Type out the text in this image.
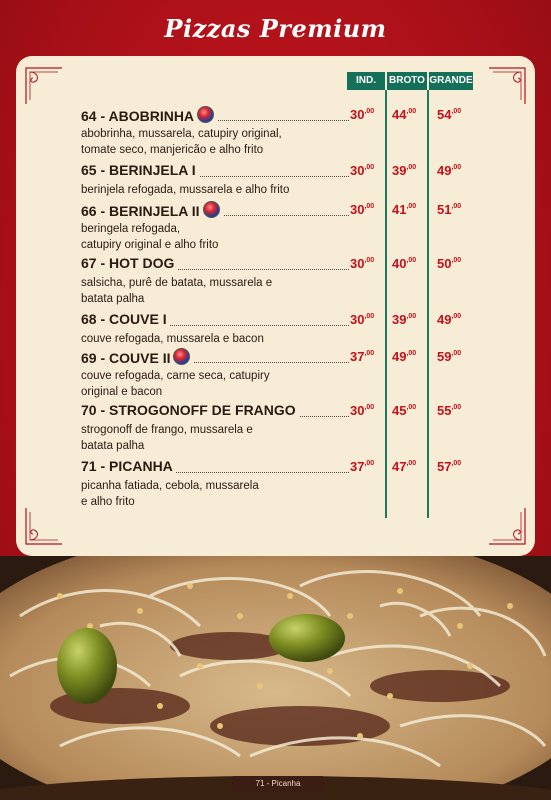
Pizzas Premium
IND.	BROTO GRANDE
64 - ABOBRINHA	$30^{,00}$ $44^{,00}$ $54^{,00}$
abobrinha, mussarela, catupiry original,
tomate seco, manjericão e alho frito
65 - BERINJELA I	$30^{,00}$ $39^{,00}$ $49^{,00}$
berinjela refogada, mussarela e alho frito
66 - BERINJELA II	$30^{,00}$ $41^{,00}$ $51^{,00}$
beringela refogada,
catupiry original e alho frito
67 - HOT DOG	$30^{,00}$ $40^{,00}$ $50^{,00}$
salsicha, purê de batata, mussarela e
batata palha
68 - COUVE I	$30^{,00}$ $39^{,00}$ $49^{,00}$
couve refogada, mussarela e bacon
69 - COUVE II	$37^{,00}$ $49^{,00}$ $59^{,00}$
couve refogada, carne seca, catupiry
original e bacon
70 - STROGONOFF DE FRANGO	$30^{,00}$ $45^{,00}$ $55^{,00}$
strogonoff de frango, mussarela e
batata palha
71 - PICANHA	$37^{,00}$ $47^{,00}$ $57^{,00}$
picanha fatiada, cebola, mussarela
e alho frito
71 - Picanha
